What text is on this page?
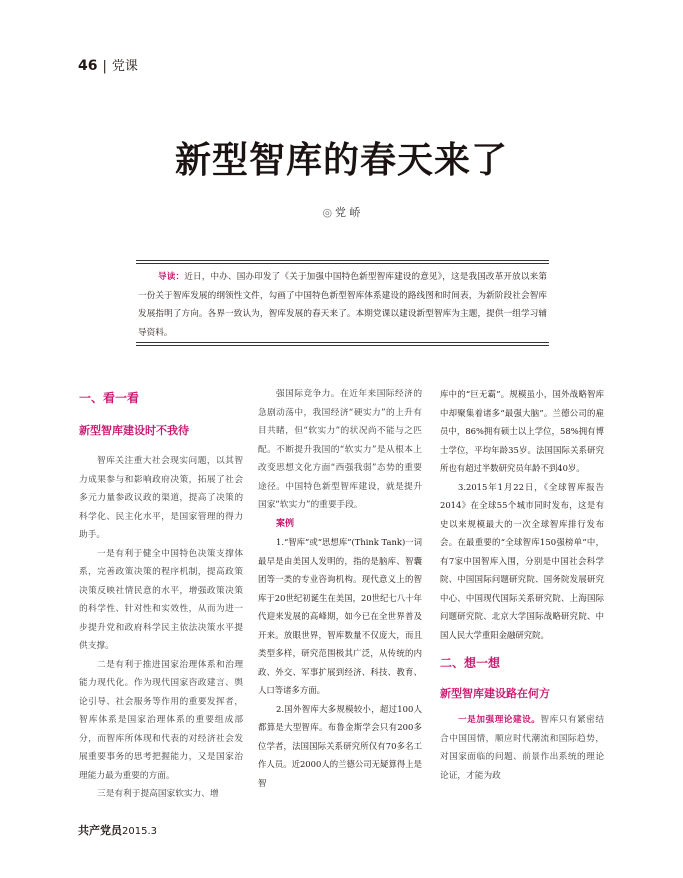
46 | 党课
新型智库的春天来了
◎ 党 峤

导读：近日，中办、国办印发了《关于加强中国特色新型智库建设的意见》，这是我国改革开放以来第一份关于智库发展的纲领性文件，勾画了中国特色新型智库体系建设的路线图和时间表，为新阶段社会智库发展指明了方向。各界一致认为，智库发展的春天来了。本期党课以建设新型智库为主题，提供一组学习辅导资料。

一、看一看

新型智库建设时不我待

智库关注重大社会现实问题，以其智力成果参与和影响政府决策，拓展了社会多元力量参政议政的渠道，提高了决策的科学化、民主化水平，是国家管理的得力助手。

一是有利于健全中国特色决策支撑体系，完善政策决策的程序机制，提高政策决策反映社情民意的水平，增强政策决策的科学性、针对性和实效性，从而为进一步提升党和政府科学民主依法决策水平提供支撑。

二是有利于推进国家治理体系和治理能力现代化。作为现代国家咨政建言、舆论引导、社会服务等作用的重要发挥者，智库体系是国家治理体系的重要组成部分，而智库所体现和代表的对经济社会发展重要事务的思考把握能力，又是国家治理能力最为重要的方面。

三是有利于提高国家软实力、增

强国际竞争力。在近年来国际经济的急剧动荡中，我国经济“硬实力”的上升有目共睹，但“软实力”的状况尚不能与之匹配。不断提升我国的“软实力”是从根本上改变思想文化方面“西强我弱”态势的重要途径。中国特色新型智库建设，就是提升国家“软实力”的重要手段。

案例

1.“智库”或“思想库”(Think Tank)一词最早是由美国人发明的，指的是脑库、智囊团等一类的专业咨询机构。现代意义上的智库于20世纪初诞生在美国，20世纪七八十年代迎来发展的高峰期，如今已在全世界普及开来。放眼世界，智库数量不仅庞大，而且类型多样，研究范围极其广泛，从传统的内政、外交、军事扩展到经济、科技、教育、人口等诸多方面。

2.国外智库大多规模较小，超过100人都算是大型智库。布鲁金斯学会只有200多位学者，法国国际关系研究所仅有70多名工作人员。近2000人的兰德公司无疑算得上是智

库中的“巨无霸”。规模虽小，国外战略智库中却聚集着诸多“最强大脑”。兰德公司的雇员中，86%拥有硕士以上学位，58%拥有博士学位，平均年龄35岁。法国国际关系研究所也有超过半数研究员年龄不到40岁。

3.2015年1月22日，《全球智库报告2014》在全球55个城市同时发布，这是有史以来规模最大的一次全球智库排行发布会。在最重要的“全球智库150强榜单”中，有7家中国智库入围，分别是中国社会科学院、中国国际问题研究院、国务院发展研究中心、中国现代国际关系研究院、上海国际问题研究院、北京大学国际战略研究院、中国人民大学重阳金融研究院。

二、想一想

新型智库建设路在何方

一是加强理论建设。智库只有紧密结合中国国情，顺应时代潮流和国际趋势，对国家面临的问题、前景作出系统的理论论证，才能为政

共产党员2015.3
